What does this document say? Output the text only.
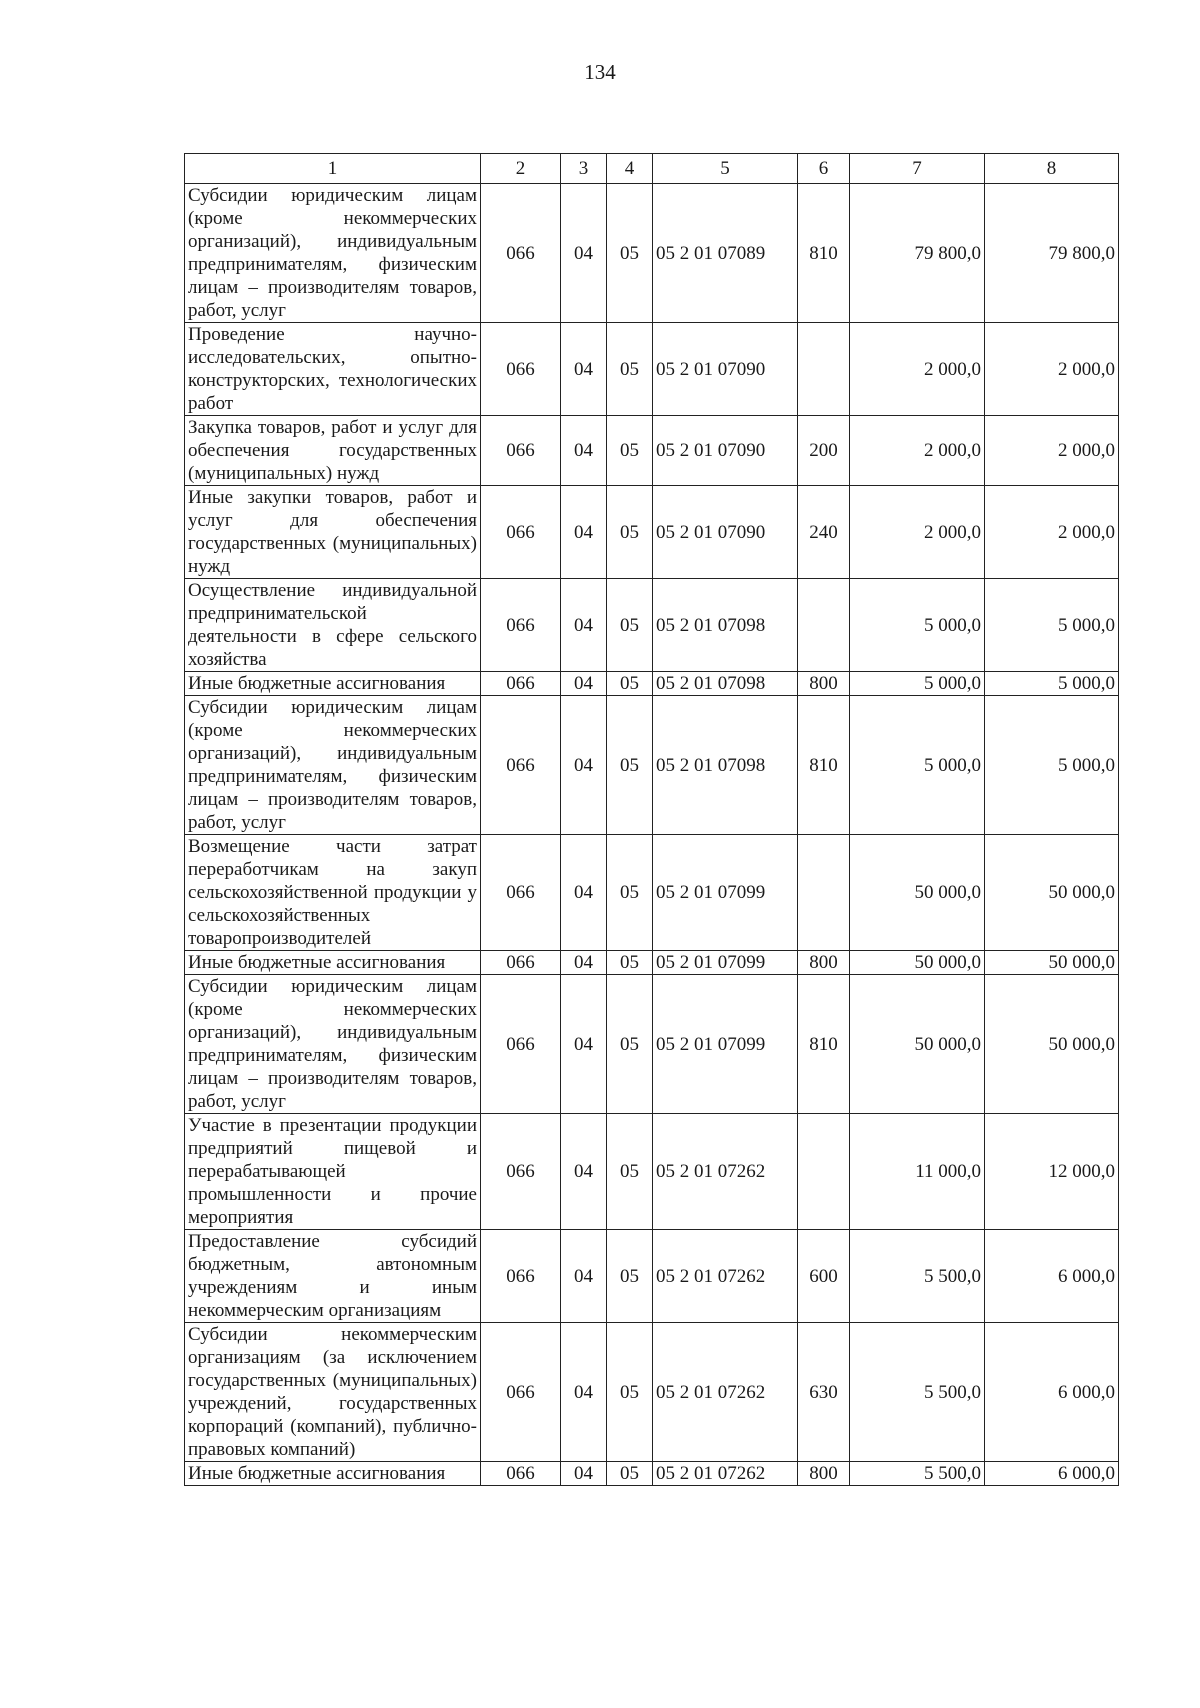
134
1	2	3	4	5	6	7	8
Субсидии юридическим лицам (кроме некоммерческих организаций), индивидуальным предпринимателям, физическим лицам – производителям товаров, работ, услуг	066	04	05	05 2 01 07089	810	79 800,0	79 800,0
Проведение научно-исследовательских, опытно-конструкторских, технологических работ	066	04	05	05 2 01 07090		2 000,0	2 000,0
Закупка товаров, работ и услуг для обеспечения государственных (муниципальных) нужд	066	04	05	05 2 01 07090	200	2 000,0	2 000,0
Иные закупки товаров, работ и услуг для обеспечения государственных (муниципальных) нужд	066	04	05	05 2 01 07090	240	2 000,0	2 000,0
Осуществление индивидуальной предпринимательской деятельности в сфере сельского хозяйства	066	04	05	05 2 01 07098		5 000,0	5 000,0
Иные бюджетные ассигнования	066	04	05	05 2 01 07098	800	5 000,0	5 000,0
Субсидии юридическим лицам (кроме некоммерческих организаций), индивидуальным предпринимателям, физическим лицам – производителям товаров, работ, услуг	066	04	05	05 2 01 07098	810	5 000,0	5 000,0
Возмещение части затрат переработчикам на закуп сельскохозяйственной продукции у сельскохозяйственных товаропроизводителей	066	04	05	05 2 01 07099		50 000,0	50 000,0
Иные бюджетные ассигнования	066	04	05	05 2 01 07099	800	50 000,0	50 000,0
Субсидии юридическим лицам (кроме некоммерческих организаций), индивидуальным предпринимателям, физическим лицам – производителям товаров, работ, услуг	066	04	05	05 2 01 07099	810	50 000,0	50 000,0
Участие в презентации продукции предприятий пищевой и перерабатывающей промышленности и прочие мероприятия	066	04	05	05 2 01 07262		11 000,0	12 000,0
Предоставление субсидий бюджетным, автономным учреждениям и иным некоммерческим организациям	066	04	05	05 2 01 07262	600	5 500,0	6 000,0
Субсидии некоммерческим организациям (за исключением государственных (муниципальных) учреждений, государственных корпораций (компаний), публично-правовых компаний)	066	04	05	05 2 01 07262	630	5 500,0	6 000,0
Иные бюджетные ассигнования	066	04	05	05 2 01 07262	800	5 500,0	6 000,0
